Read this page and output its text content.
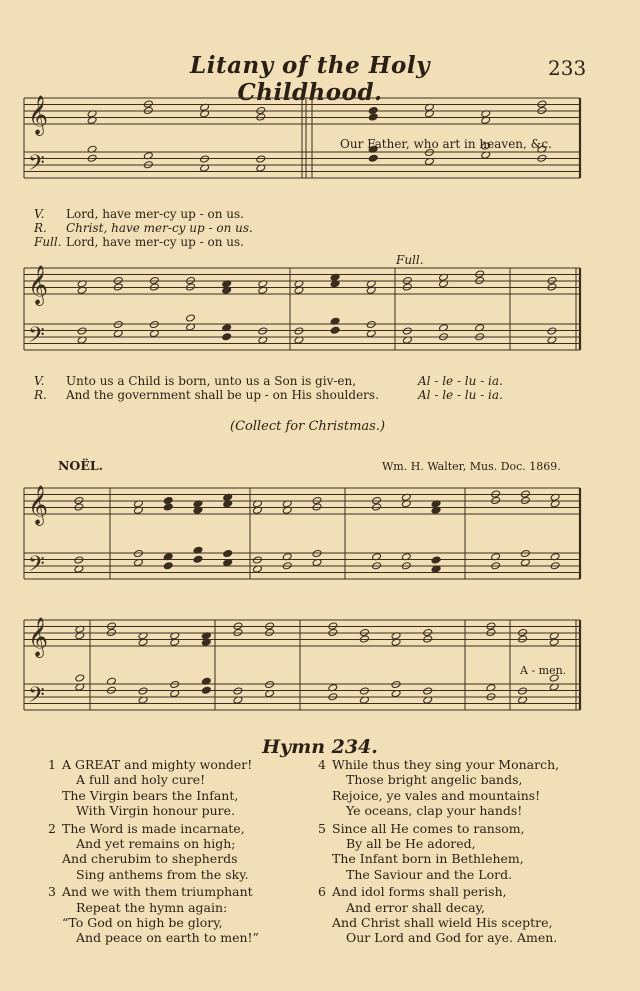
Litany of the Holy Childhood.
233
𝄞
𝄢
𝄞
𝄢
𝄞
𝄢
𝄞
𝄢
Our Father, who art in heaven, &c.
V. Lord, have mer-cy up - on us.
R. Christ, have mer-cy up - on us.
Full. Lord, have mer-cy up - on us.
Full.
V. Unto us a Child is born, unto us a Son is giv-en,	Al - le - lu - ia.
R. And the government shall be up - on His shoulders.	Al - le - lu - ia.
(Collect for Christmas.)
NOËL.	Wm. H. Walter, Mus. Doc. 1869.
A - men.
Hymn 234.
1 A GREAT and mighty wonder!
A full and holy cure!
The Virgin bears the Infant,
With Virgin honour pure.
2 The Word is made incarnate,
And yet remains on high;
And cherubim to shepherds
Sing anthems from the sky.
3 And we with them triumphant
Repeat the hymn again:
“To God on high be glory,
And peace on earth to men!”
4 While thus they sing your Monarch,
Those bright angelic bands,
Rejoice, ye vales and mountains!
Ye oceans, clap your hands!
5 Since all He comes to ransom,
By all be He adored,
The Infant born in Bethlehem,
The Saviour and the Lord.
6 And idol forms shall perish,
And error shall decay,
And Christ shall wield His sceptre,
Our Lord and God for aye. Amen.
